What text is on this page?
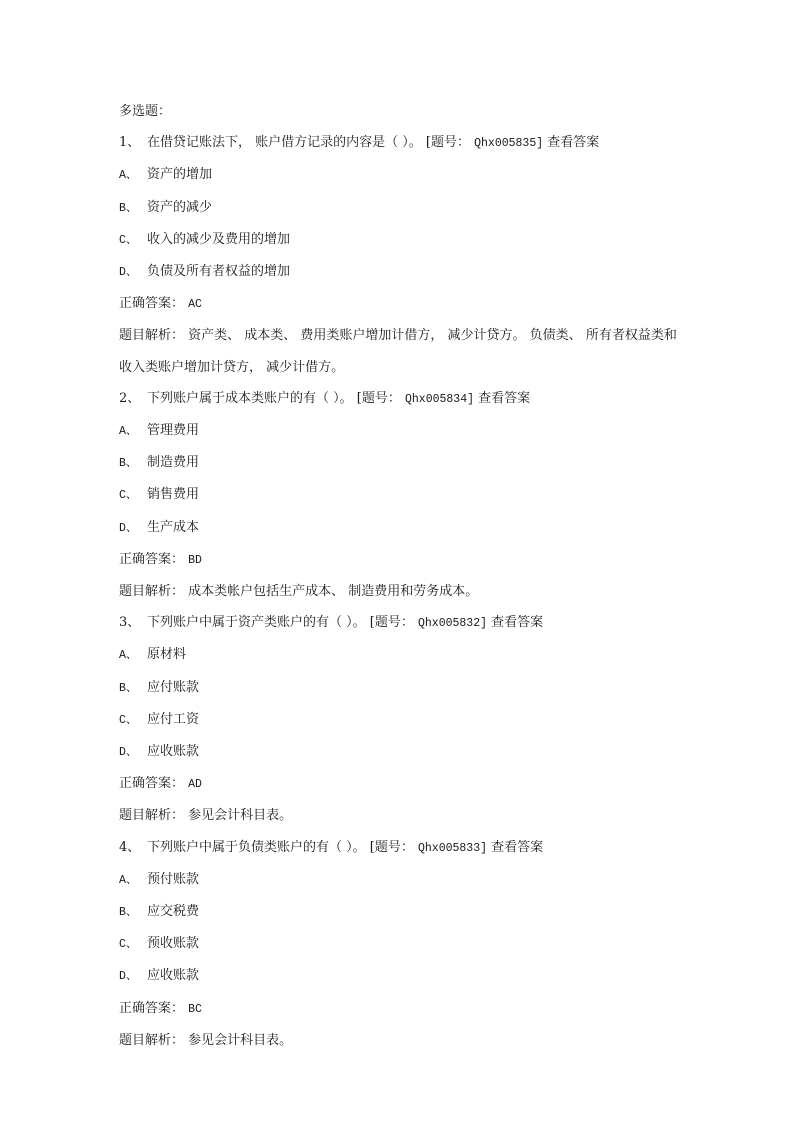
多选题：
1、 在借贷记账法下， 账户借方记录的内容是（ ）。 [题号： Qhx005835] 查看答案
A、 资产的增加
B、 资产的减少
C、 收入的减少及费用的增加
D、 负债及所有者权益的增加
正确答案： AC
题目解析： 资产类、 成本类、 费用类账户增加计借方， 减少计贷方。 负债类、 所有者权益类和收入类账户增加计贷方， 减少计借方。
2、 下列账户属于成本类账户的有（ ）。 [题号： Qhx005834] 查看答案
A、 管理费用
B、 制造费用
C、 销售费用
D、 生产成本
正确答案： BD
题目解析： 成本类帐户包括生产成本、 制造费用和劳务成本。
3、 下列账户中属于资产类账户的有（ ）。 [题号： Qhx005832] 查看答案
A、 原材料
B、 应付账款
C、 应付工资
D、 应收账款
正确答案： AD
题目解析： 参见会计科目表。
4、 下列账户中属于负债类账户的有（ ）。 [题号： Qhx005833] 查看答案
A、 预付账款
B、 应交税费
C、 预收账款
D、 应收账款
正确答案： BC
题目解析： 参见会计科目表。
